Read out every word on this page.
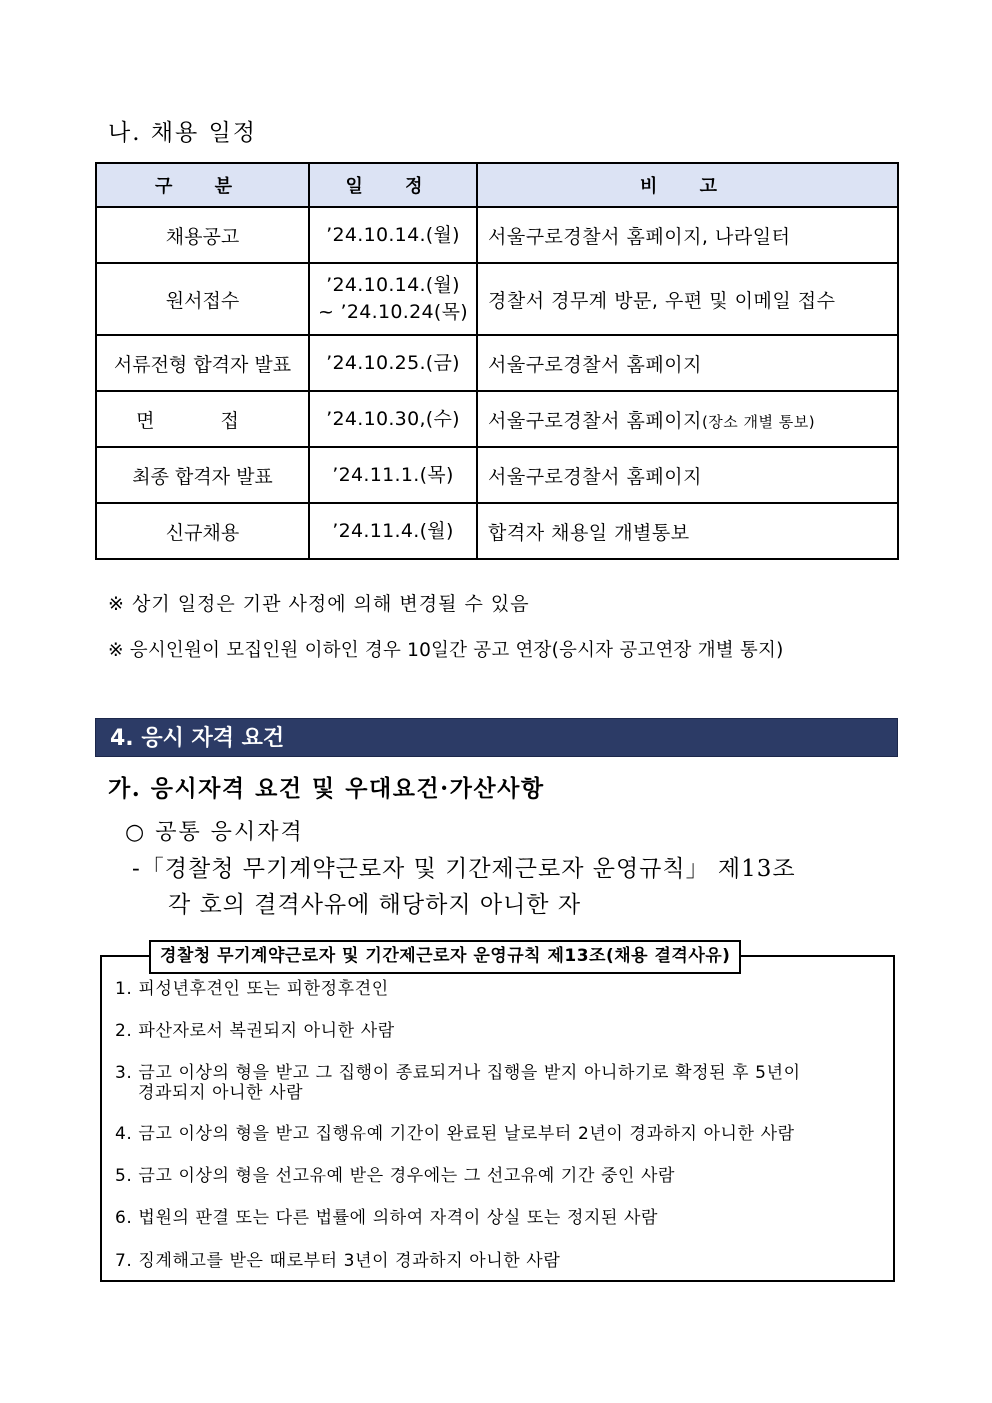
나. 채용 일정
구 분	일 정	비 고
채용공고	’24.10.14.(월)	서울구로경찰서 홈페이지, 나라일터
원서접수	’24.10.14.(월)
~ ’24.10.24(목)	경찰서 경무계 방문, 우편 및 이메일 접수
서류전형 합격자 발표	’24.10.25.(금)	서울구로경찰서 홈페이지
면 접	’24.10.30,(수)	서울구로경찰서 홈페이지(장소 개별 통보)
최종 합격자 발표	’24.11.1.(목)	서울구로경찰서 홈페이지
신규채용	’24.11.4.(월)	합격자 채용일 개별통보
※ 상기 일정은 기관 사정에 의해 변경될 수 있음
※ 응시인원이 모집인원 이하인 경우 10일간 공고 연장(응시자 공고연장 개별 통지)
4. 응시 자격 요건
가. 응시자격 요건 및 우대요건·가산사항
○ 공통 응시자격
-「경찰청 무기계약근로자 및 기간제근로자 운영규칙」 제13조
각 호의 결격사유에 해당하지 아니한 자
경찰청 무기계약근로자 및 기간제근로자 운영규칙 제13조(채용 결격사유)
1. 피성년후견인 또는 피한정후견인
2. 파산자로서 복권되지 아니한 사람
3. 금고 이상의 형을 받고 그 집행이 종료되거나 집행을 받지 아니하기로 확정된 후 5년이
경과되지 아니한 사람
4. 금고 이상의 형을 받고 집행유예 기간이 완료된 날로부터 2년이 경과하지 아니한 사람
5. 금고 이상의 형을 선고유예 받은 경우에는 그 선고유예 기간 중인 사람
6. 법원의 판결 또는 다른 법률에 의하여 자격이 상실 또는 정지된 사람
7. 징계해고를 받은 때로부터 3년이 경과하지 아니한 사람
